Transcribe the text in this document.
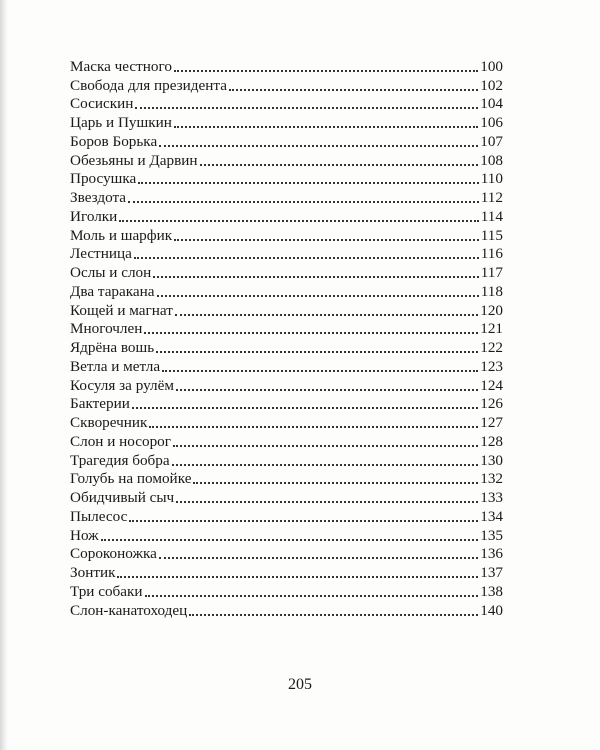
Маска честного	100
Свобода для президента	102
Сосискин	104
Царь и Пушкин	106
Боров Борька	107
Обезьяны и Дарвин	108
Просушка	110
Звездота	112
Иголки	114
Моль и шарфик	115
Лестница	116
Ослы и слон	117
Два таракана	118
Кощей и магнат	120
Многочлен	121
Ядрёна вошь	122
Ветла и метла	123
Косуля за рулём	124
Бактерии	126
Скворечник	127
Слон и носорог	128
Трагедия бобра	130
Голубь на помойке	132
Обидчивый сыч	133
Пылесос	134
Нож	135
Сороконожка	136
Зонтик	137
Три собаки	138
Слон-канатоходец	140
205
